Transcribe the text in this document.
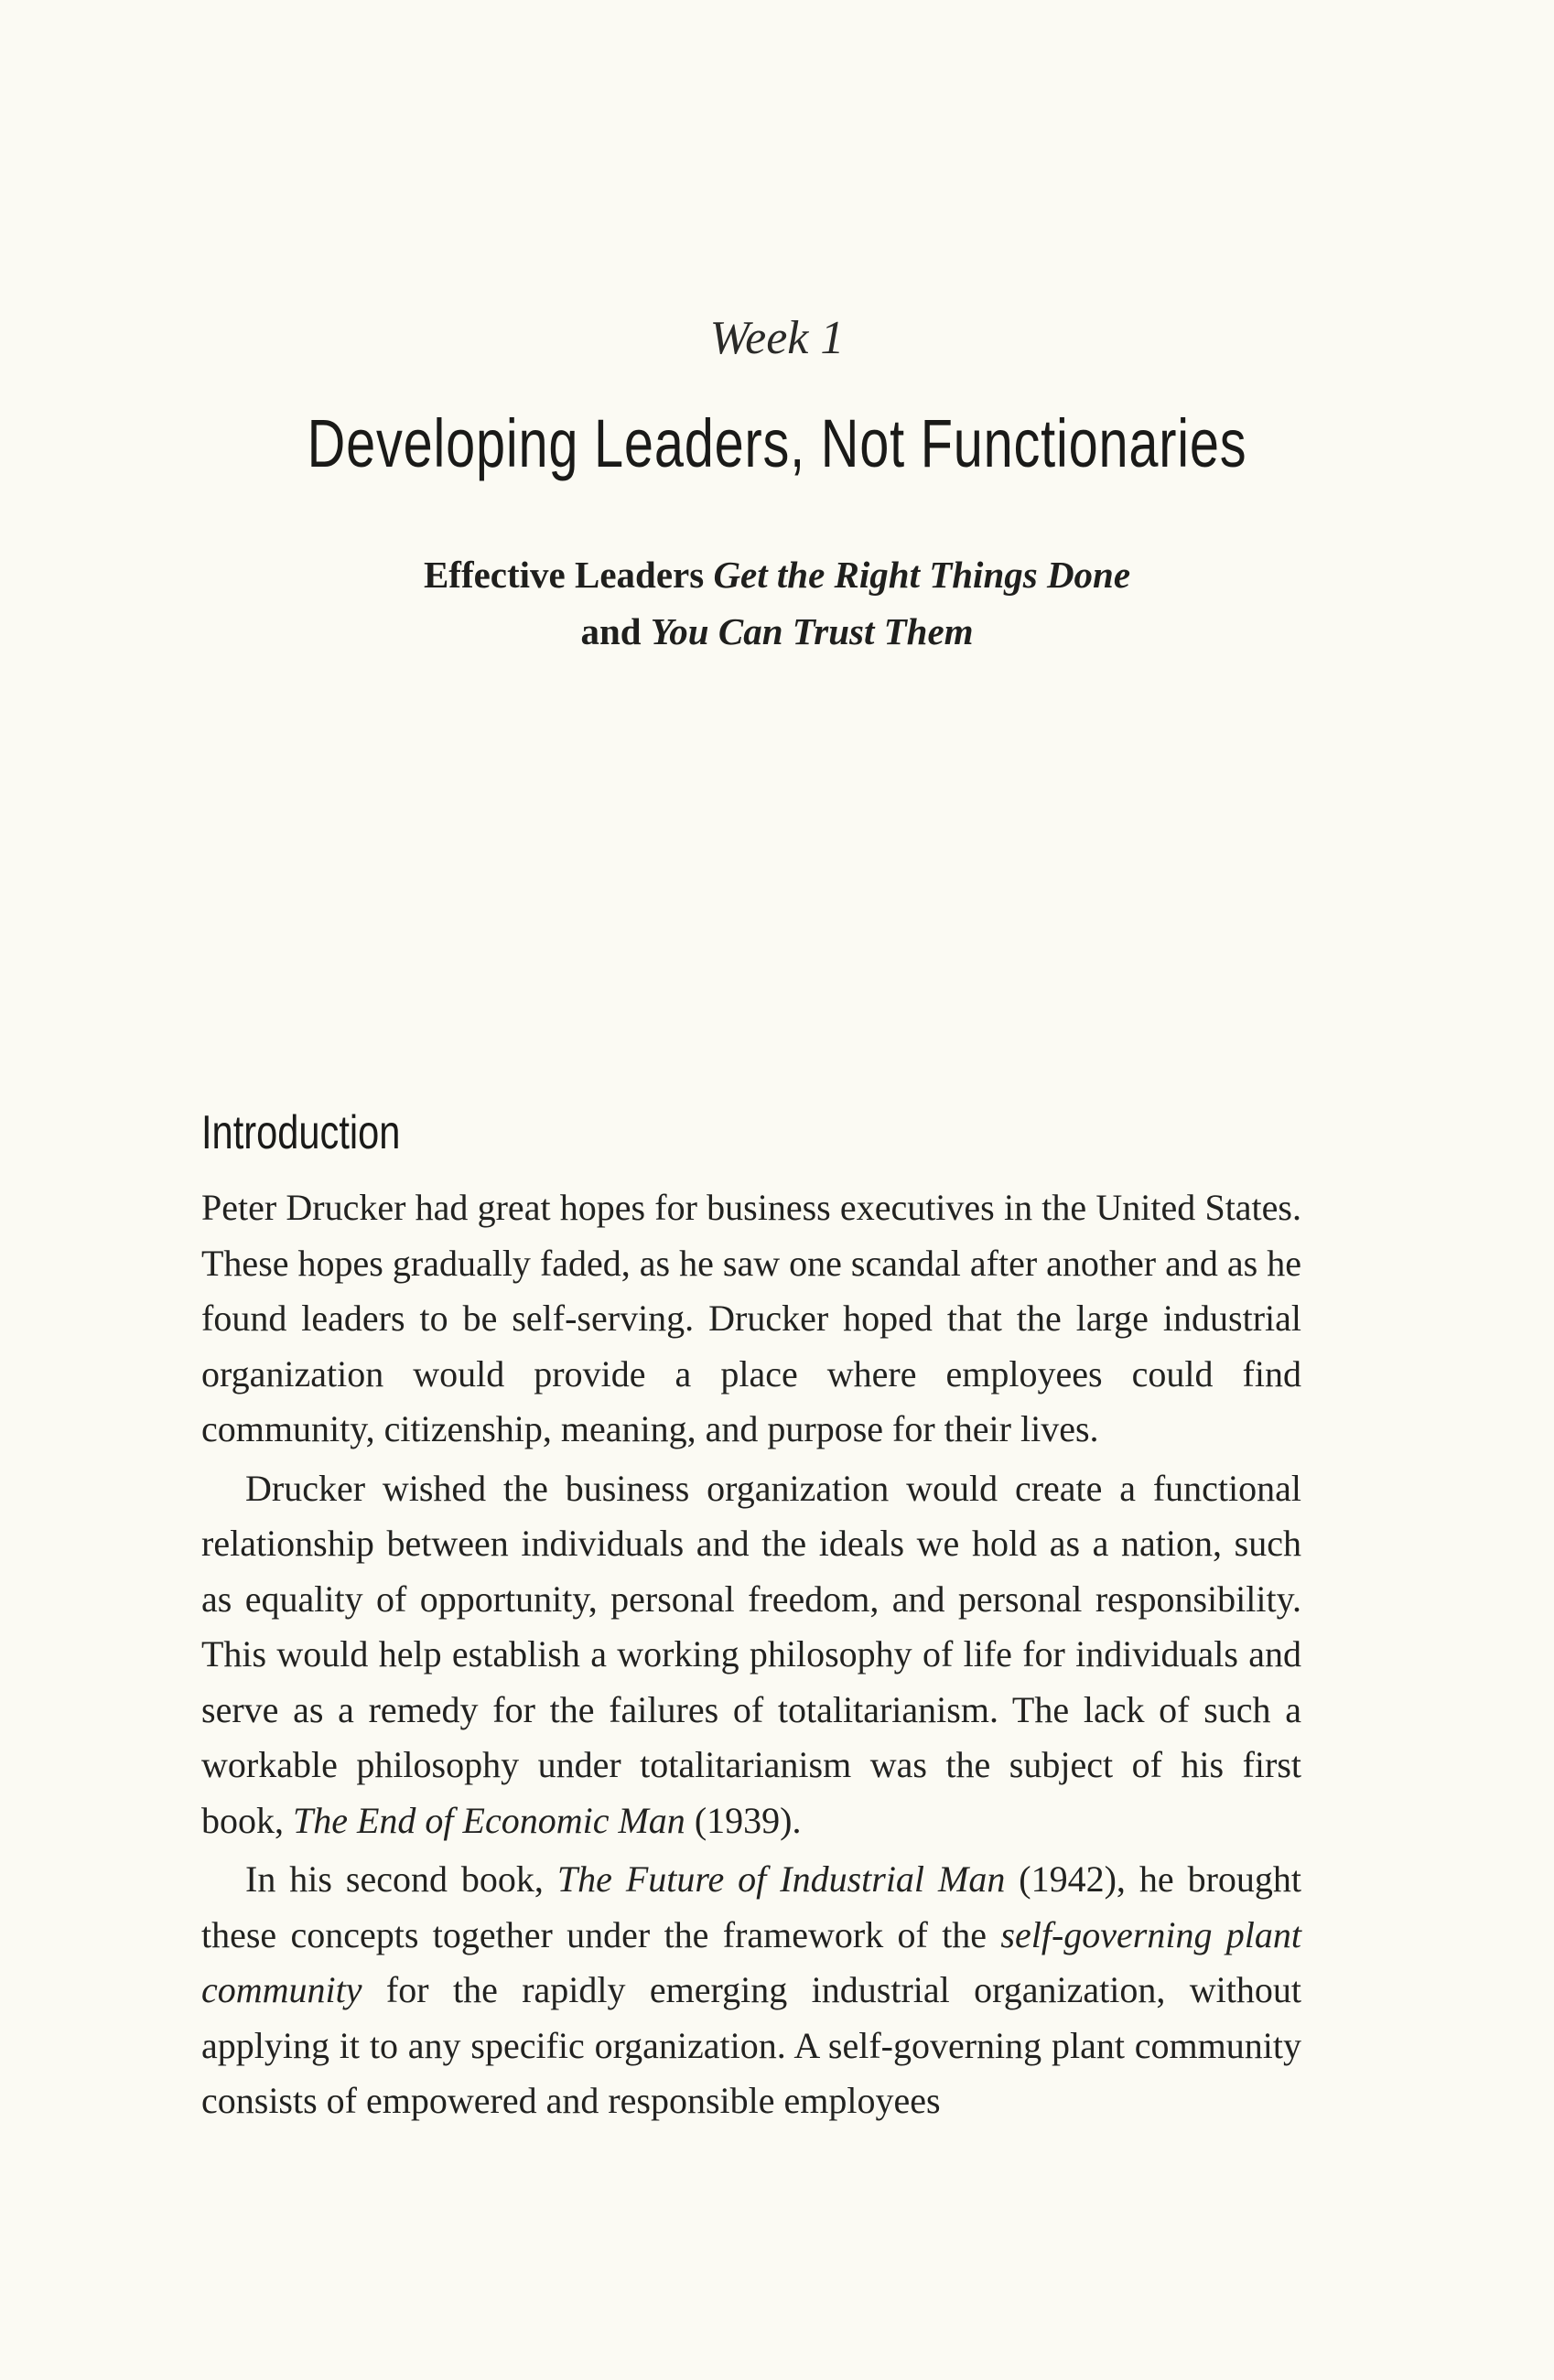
Week 1
Developing Leaders, Not Functionaries
Effective Leaders Get the Right Things Done
and You Can Trust Them
Introduction

Peter Drucker had great hopes for business executives in the United States. These hopes gradually faded, as he saw one scandal after another and as he found leaders to be self-serving. Drucker hoped that the large industrial organization would provide a place where employees could find community, citizenship, meaning, and purpose for their lives.

Drucker wished the business organization would create a functional relationship between individuals and the ideals we hold as a nation, such as equality of opportunity, personal freedom, and personal responsibility. This would help establish a working philosophy of life for individuals and serve as a remedy for the failures of totalitarianism. The lack of such a workable philosophy under totalitarianism was the subject of his first book, The End of Economic Man (1939).

In his second book, The Future of Industrial Man (1942), he brought these concepts together under the framework of the self-governing plant community for the rapidly emerging industrial organization, without applying it to any specific organization. A self-governing plant community consists of empowered and responsible employees
